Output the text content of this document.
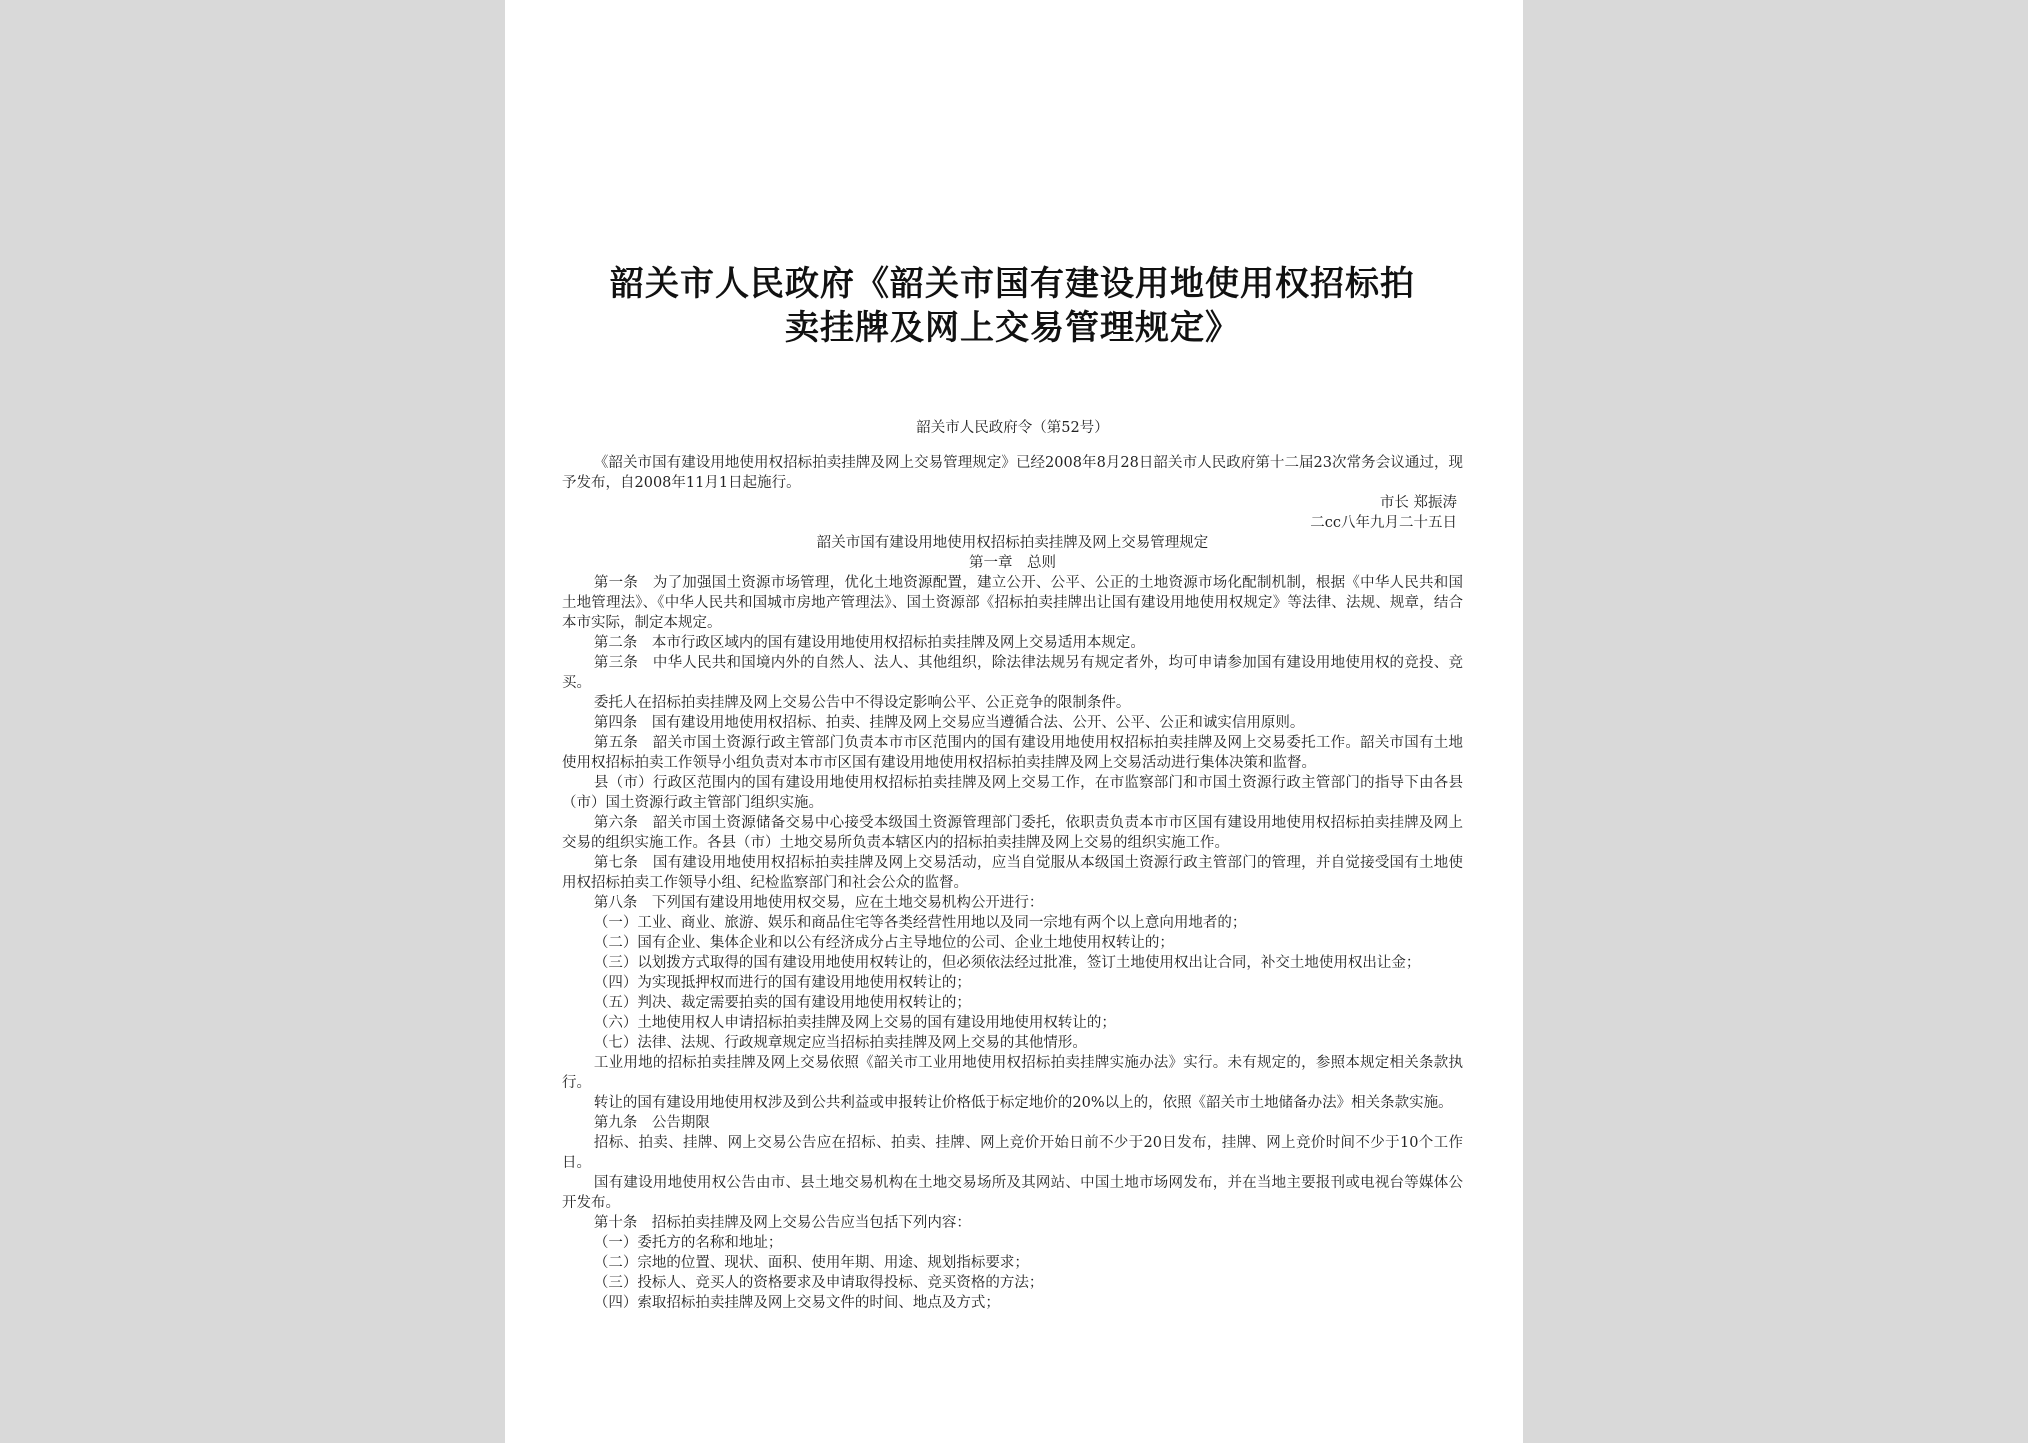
韶关市人民政府《韶关市国有建设用地使用权招标拍
卖挂牌及网上交易管理规定》

韶关市人民政府令（第52号）

《韶关市国有建设用地使用权招标拍卖挂牌及网上交易管理规定》已经2008年8月28日韶关市人民政府第十二届23次常务会议通过，现予发布，自2008年11月1日起施行。

市长 郑振涛

二cc八年九月二十五日

韶关市国有建设用地使用权招标拍卖挂牌及网上交易管理规定

第一章　总则

第一条　为了加强国土资源市场管理，优化土地资源配置，建立公开、公平、公正的土地资源市场化配制机制，根据《中华人民共和国土地管理法》、《中华人民共和国城市房地产管理法》、国土资源部《招标拍卖挂牌出让国有建设用地使用权规定》等法律、法规、规章，结合本市实际，制定本规定。

第二条　本市行政区域内的国有建设用地使用权招标拍卖挂牌及网上交易适用本规定。

第三条　中华人民共和国境内外的自然人、法人、其他组织，除法律法规另有规定者外，均可申请参加国有建设用地使用权的竞投、竞买。

委托人在招标拍卖挂牌及网上交易公告中不得设定影响公平、公正竞争的限制条件。

第四条　国有建设用地使用权招标、拍卖、挂牌及网上交易应当遵循合法、公开、公平、公正和诚实信用原则。

第五条　韶关市国土资源行政主管部门负责本市市区范围内的国有建设用地使用权招标拍卖挂牌及网上交易委托工作。韶关市国有土地使用权招标拍卖工作领导小组负责对本市市区国有建设用地使用权招标拍卖挂牌及网上交易活动进行集体决策和监督。

县（市）行政区范围内的国有建设用地使用权招标拍卖挂牌及网上交易工作，在市监察部门和市国土资源行政主管部门的指导下由各县（市）国土资源行政主管部门组织实施。

第六条　韶关市国土资源储备交易中心接受本级国土资源管理部门委托，依职责负责本市市区国有建设用地使用权招标拍卖挂牌及网上交易的组织实施工作。各县（市）土地交易所负责本辖区内的招标拍卖挂牌及网上交易的组织实施工作。

第七条　国有建设用地使用权招标拍卖挂牌及网上交易活动，应当自觉服从本级国土资源行政主管部门的管理，并自觉接受国有土地使用权招标拍卖工作领导小组、纪检监察部门和社会公众的监督。

第八条　下列国有建设用地使用权交易，应在土地交易机构公开进行：

（一）工业、商业、旅游、娱乐和商品住宅等各类经营性用地以及同一宗地有两个以上意向用地者的；

（二）国有企业、集体企业和以公有经济成分占主导地位的公司、企业土地使用权转让的；

（三）以划拨方式取得的国有建设用地使用权转让的，但必须依法经过批准，签订土地使用权出让合同，补交土地使用权出让金；

（四）为实现抵押权而进行的国有建设用地使用权转让的；

（五）判决、裁定需要拍卖的国有建设用地使用权转让的；

（六）土地使用权人申请招标拍卖挂牌及网上交易的国有建设用地使用权转让的；

（七）法律、法规、行政规章规定应当招标拍卖挂牌及网上交易的其他情形。

工业用地的招标拍卖挂牌及网上交易依照《韶关市工业用地使用权招标拍卖挂牌实施办法》实行。未有规定的，参照本规定相关条款执行。

转让的国有建设用地使用权涉及到公共利益或申报转让价格低于标定地价的20%以上的，依照《韶关市土地储备办法》相关条款实施。

第九条　公告期限

招标、拍卖、挂牌、网上交易公告应在招标、拍卖、挂牌、网上竞价开始日前不少于20日发布，挂牌、网上竞价时间不少于10个工作日。

国有建设用地使用权公告由市、县土地交易机构在土地交易场所及其网站、中国土地市场网发布，并在当地主要报刊或电视台等媒体公开发布。

第十条　招标拍卖挂牌及网上交易公告应当包括下列内容：

（一）委托方的名称和地址；

（二）宗地的位置、现状、面积、使用年期、用途、规划指标要求；

（三）投标人、竞买人的资格要求及申请取得投标、竞买资格的方法；

（四）索取招标拍卖挂牌及网上交易文件的时间、地点及方式；
